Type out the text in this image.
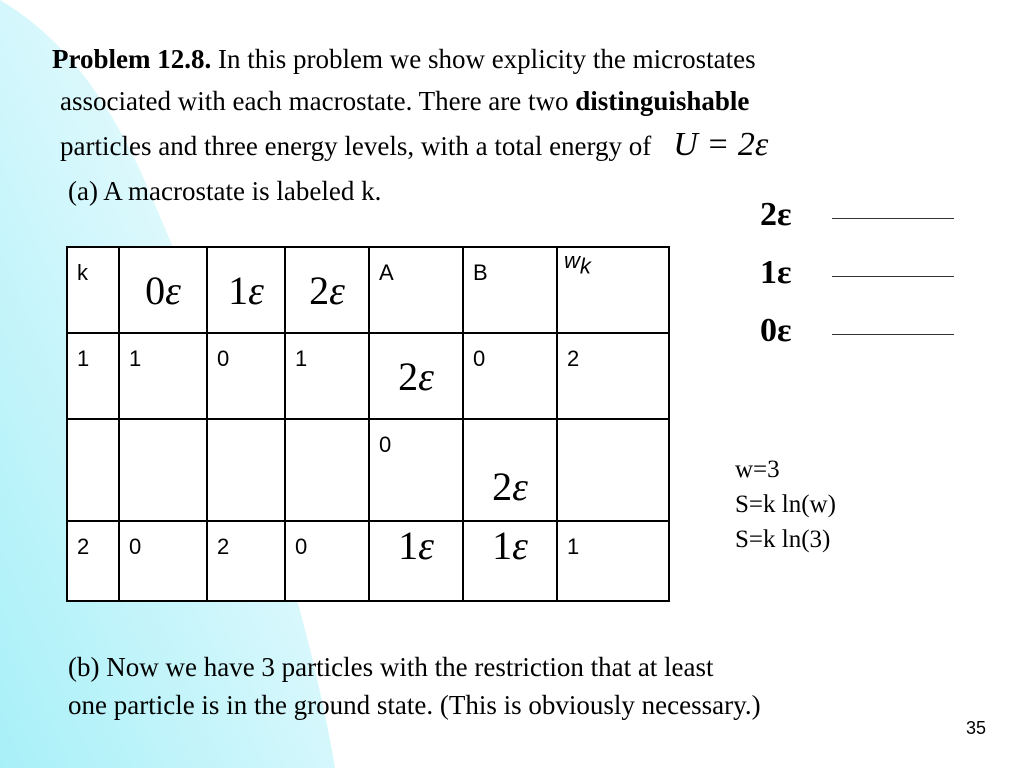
Problem 12.8. In this problem we show explicity the microstates
associated with each macrostate. There are two distinguishable
particles and three energy levels, with a total energy of U = 2ε
(a) A macrostate is labeled k.
2ε
1ε
0ε
k	0ε	1ε	2ε	A	B	$w_k$

1	1	0	1	2ε	0	2

				0	2ε	

2	0	2	0	1ε	1ε	1
w=3
S=k ln(w)
S=k ln(3)
(b) Now we have 3 particles with the restriction that at least
one particle is in the ground state. (This is obviously necessary.)
35
